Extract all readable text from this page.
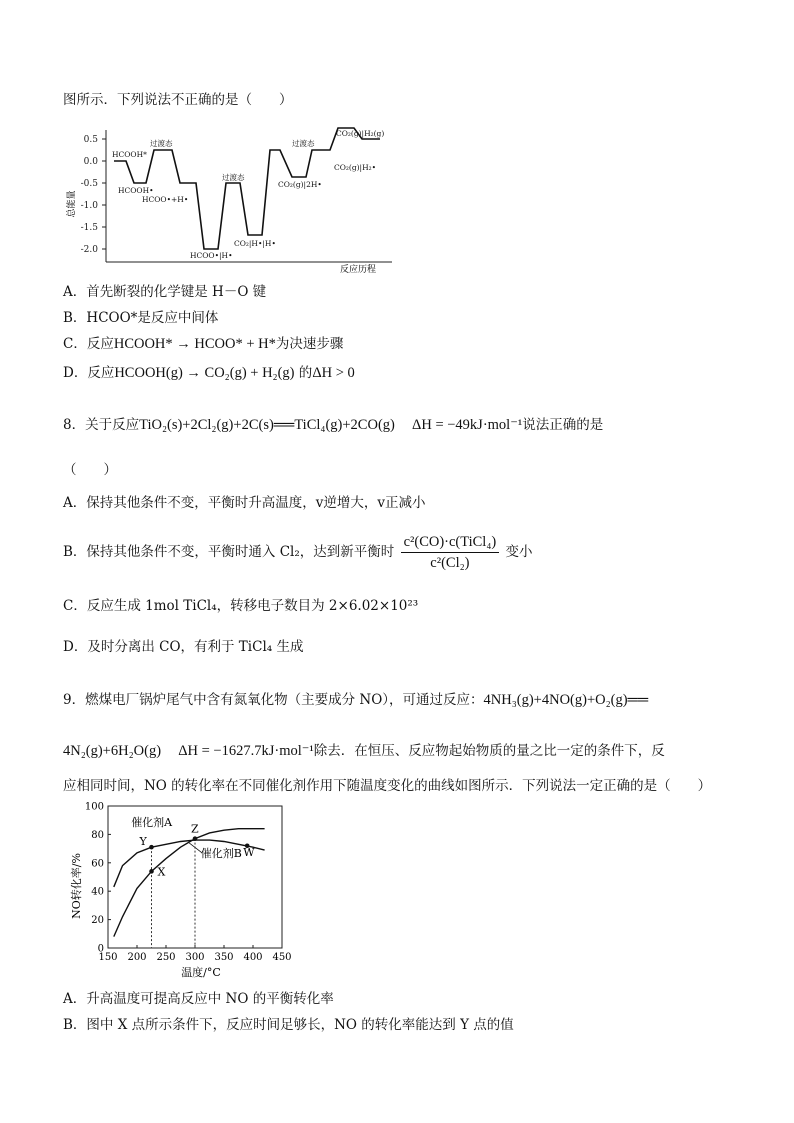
图所示．下列说法不正确的是（　　）
0.5
0.0
-0.5
-1.0
-1.5
-2.0
总能量
反应历程
HCOOH*
过渡态
HCOOH•
HCOO•+H•
过渡态
HCOO•|H•
CO₂|H•|H•
过渡态
CO₂(g)|2H•
CO₂(g)|H₂(g)
CO₂(g)|H₂•
A．首先断裂的化学键是 H－O 键
B．HCOO*是反应中间体
C．反应HCOOH* → HCOO* + H*为决速步骤
D．反应HCOOH(g) → CO₂(g) + H₂(g) 的ΔH > 0
8．关于反应TiO₂(s)+2Cl₂(g)+2C(s)══TiCl₄(g)+2CO(g) ΔH = −49kJ·mol⁻¹说法正确的是
（　　）
A．保持其他条件不变，平衡时升高温度，v逆增大，v正减小
B．保持其他条件不变，平衡时通入 Cl₂，达到新平衡时 $\frac{\text{c²(CO)·c(TiCl₄)}}{\text{c²(Cl₂)}}$ 变小
C．反应生成 1mol TiCl₄，转移电子数目为 2×6.02×10²³
D．及时分离出 CO，有利于 TiCl₄ 生成
9．燃煤电厂锅炉尾气中含有氮氧化物（主要成分 NO），可通过反应：4NH₃(g)+4NO(g)+O₂(g)══
4N₂(g)+6H₂O(g) ΔH = −1627.7kJ·mol⁻¹除去．在恒压、反应物起始物质的量之比一定的条件下，反
应相同时间，NO 的转化率在不同催化剂作用下随温度变化的曲线如图所示．下列说法一定正确的是（　　）
150 200 250 300 350 400 450
0
20
40
60
80
100
催化剂A
催化剂B
Y
X
Z
W
NO转化率/%
温度/°C
A．升高温度可提高反应中 NO 的平衡转化率
B．图中 X 点所示条件下，反应时间足够长，NO 的转化率能达到 Y 点的值
